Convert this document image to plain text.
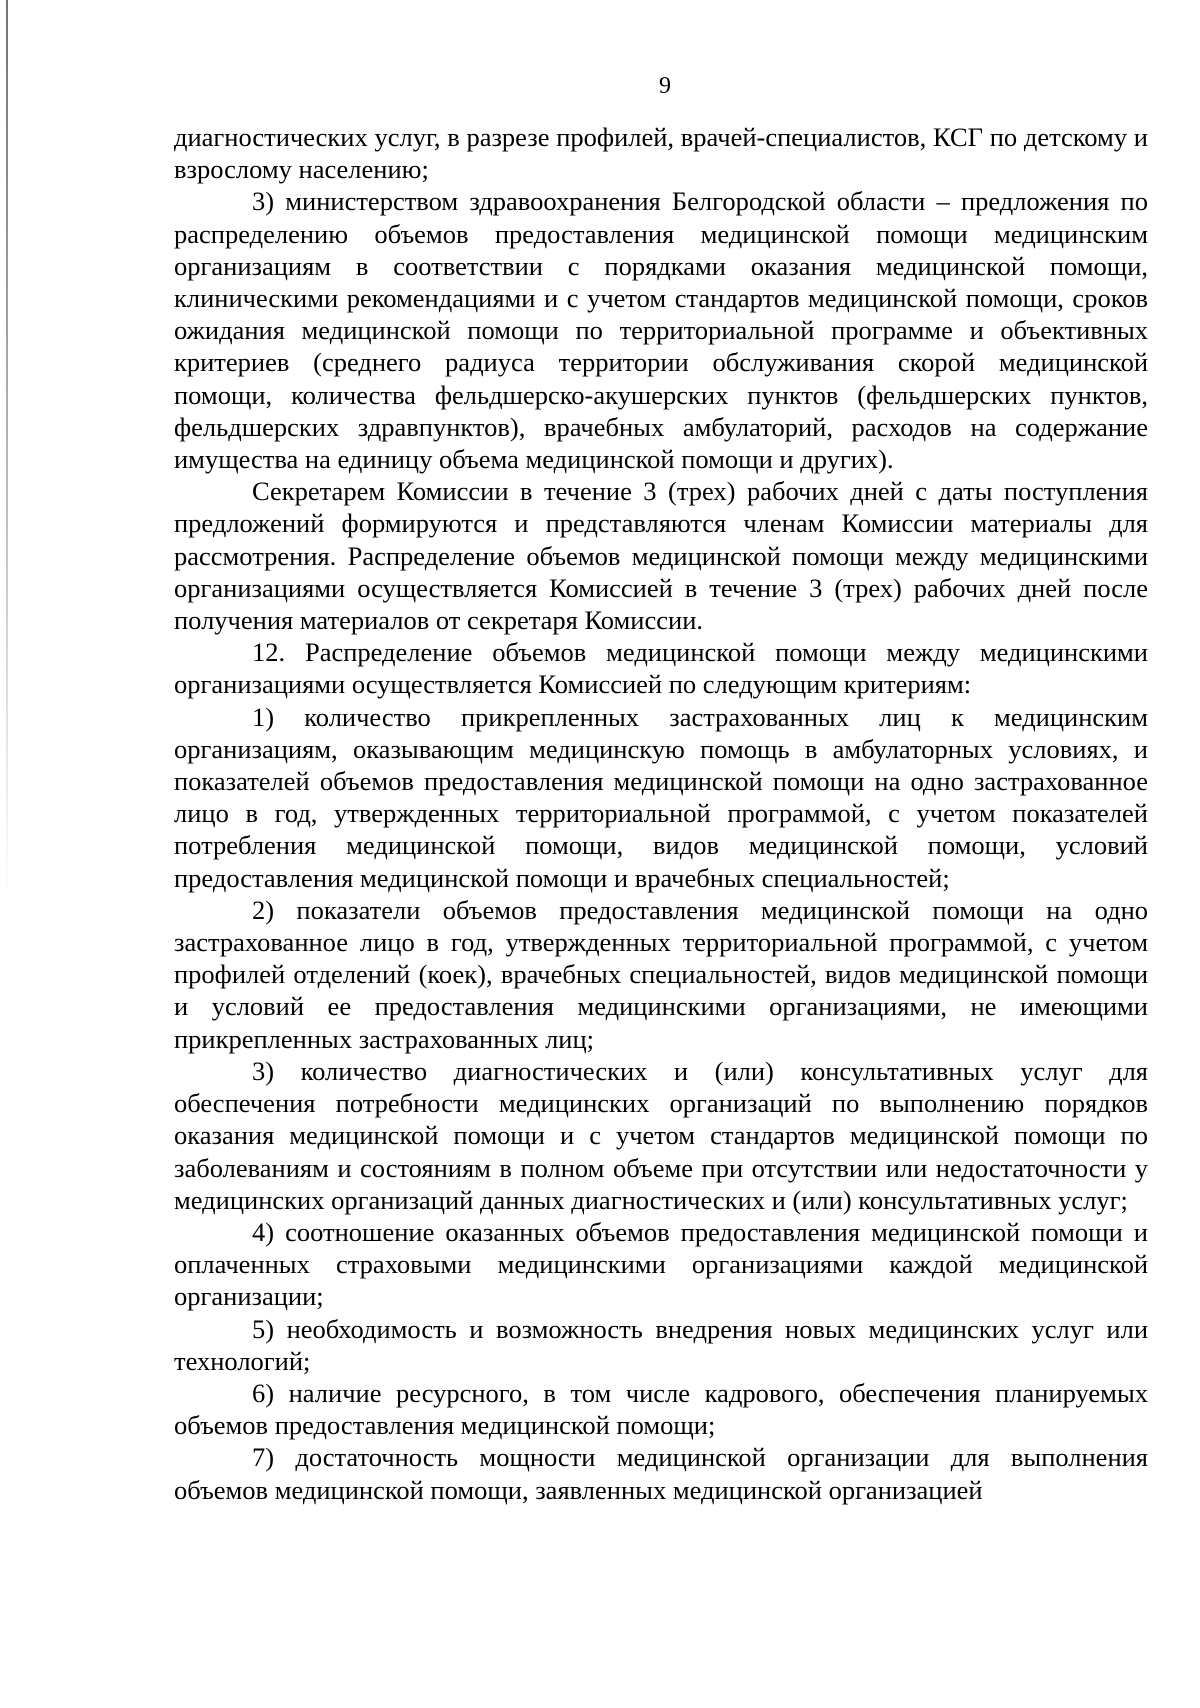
9

диагностических услуг, в разрезе профилей, врачей-специалистов, КСГ по детскому и взрослому населению;

3) министерством здравоохранения Белгородской области – предложения по распределению объемов предоставления медицинской помощи медицинским организациям в соответствии с порядками оказания медицинской помощи, клиническими рекомендациями и с учетом стандартов медицинской помощи, сроков ожидания медицинской помощи по территориальной программе и объективных критериев (среднего радиуса территории обслуживания скорой медицинской помощи, количества фельдшерско-акушерских пунктов (фельдшерских пунктов, фельдшерских здравпунктов), врачебных амбулаторий, расходов на содержание имущества на единицу объема медицинской помощи и других).

Секретарем Комиссии в течение 3 (трех) рабочих дней с даты поступления предложений формируются и представляются членам Комиссии материалы для рассмотрения. Распределение объемов медицинской помощи между медицинскими организациями осуществляется Комиссией в течение 3 (трех) рабочих дней после получения материалов от секретаря Комиссии.

12. Распределение объемов медицинской помощи между медицинскими организациями осуществляется Комиссией по следующим критериям:

1) количество прикрепленных застрахованных лиц к медицинским организациям, оказывающим медицинскую помощь в амбулаторных условиях, и показателей объемов предоставления медицинской помощи на одно застрахованное лицо в год, утвержденных территориальной программой, с учетом показателей потребления медицинской помощи, видов медицинской помощи, условий предоставления медицинской помощи и врачебных специальностей;

2) показатели объемов предоставления медицинской помощи на одно застрахованное лицо в год, утвержденных территориальной программой, с учетом профилей отделений (коек), врачебных специальностей, видов медицинской помощи и условий ее предоставления медицинскими организациями, не имеющими прикрепленных застрахованных лиц;

3) количество диагностических и (или) консультативных услуг для обеспечения потребности медицинских организаций по выполнению порядков оказания медицинской помощи и с учетом стандартов медицинской помощи по заболеваниям и состояниям в полном объеме при отсутствии или недостаточности у медицинских организаций данных диагностических и (или) консультативных услуг;

4) соотношение оказанных объемов предоставления медицинской помощи и оплаченных страховыми медицинскими организациями каждой медицинской организации;

5) необходимость и возможность внедрения новых медицинских услуг или технологий;

6) наличие ресурсного, в том числе кадрового, обеспечения планируемых объемов предоставления медицинской помощи;

7) достаточность мощности медицинской организации для выполнения объемов медицинской помощи, заявленных медицинской организацией
